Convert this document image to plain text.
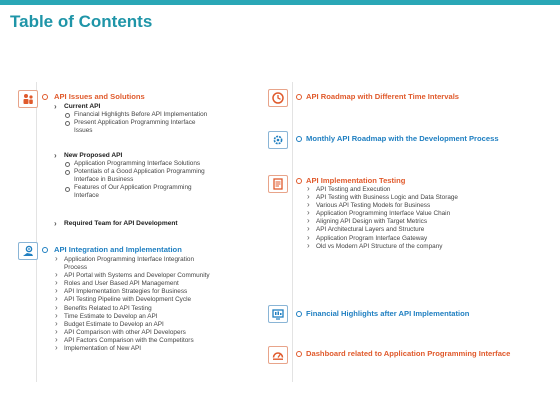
Table of Contents
API Issues and Solutions
› Current API
Financial Highlights Before API Implementation
Present Application Programming Interface
Issues
› New Proposed API
Application Programming Interface Solutions
Potentials of a Good Application Programming
Interface in Business
Features of Our Application Programming
Interface
› Required Team for API Development
API Integration and Implementation
› Application Programming Interface Integration
Process
› API Portal with Systems and Developer Community
› Roles and User Based API Management
› API Implementation Strategies for Business
› API Testing Pipeline with Development Cycle
› Benefits Related to API Testing
› Time Estimate to Develop an API
› Budget Estimate to Develop an API
› API Comparison with other API Developers
› API Factors Comparison with the Competitors
› Implementation of New API
API Roadmap with Different Time Intervals
Monthly API Roadmap with the Development Process
API Implementation Testing
› API Testing and Execution
› API Testing with Business Logic and Data Storage
› Various API Testing Models for Business
› Application Programming Interface Value Chain
› Aligning API Design with Target Metrics
› API Architectural Layers and Structure
› Application Program Interface Gateway
› Old vs Modern API Structure of the company
Financial Highlights after API Implementation
Dashboard related to Application Programming Interface
